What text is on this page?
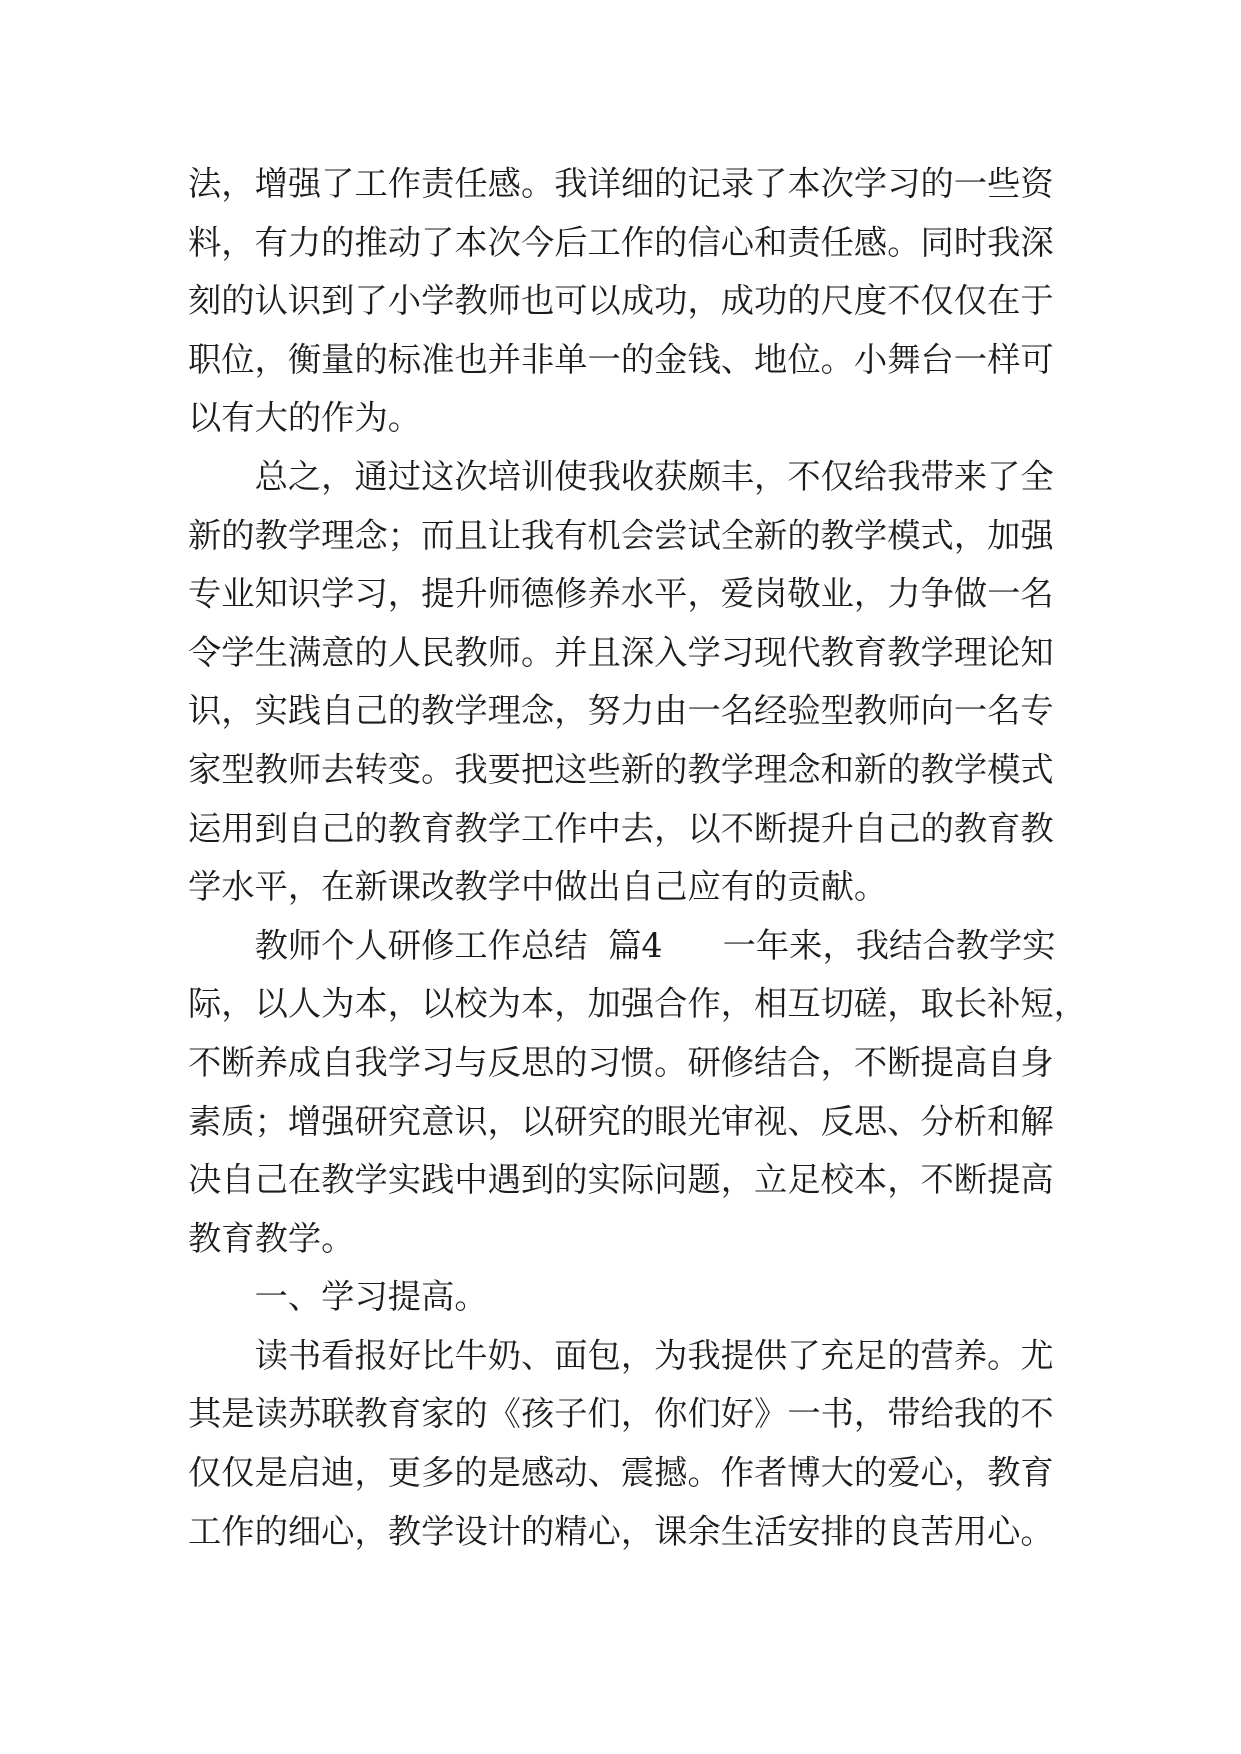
法，增强了工作责任感。我详细的记录了本次学习的一些资
料，有力的推动了本次今后工作的信心和责任感。同时我深
刻的认识到了小学教师也可以成功，成功的尺度不仅仅在于
职位，衡量的标准也并非单一的金钱、地位。小舞台一样可
以有大的作为。
总之，通过这次培训使我收获颇丰，不仅给我带来了全
新的教学理念；而且让我有机会尝试全新的教学模式，加强
专业知识学习，提升师德修养水平，爱岗敬业，力争做一名
令学生满意的人民教师。并且深入学习现代教育教学理论知
识，实践自己的教学理念，努力由一名经验型教师向一名专
家型教师去转变。我要把这些新的教学理念和新的教学模式
运用到自己的教育教学工作中去，以不断提升自己的教育教
学水平，在新课改教学中做出自己应有的贡献。
教师个人研修工作总结 篇4 一年来，我结合教学实
际，以人为本，以校为本，加强合作，相互切磋，取长补短，
不断养成自我学习与反思的习惯。研修结合，不断提高自身
素质；增强研究意识，以研究的眼光审视、反思、分析和解
决自己在教学实践中遇到的实际问题，立足校本，不断提高
教育教学。
一、学习提高。
读书看报好比牛奶、面包，为我提供了充足的营养。尤
其是读苏联教育家的《孩子们，你们好》一书，带给我的不
仅仅是启迪，更多的是感动、震撼。作者博大的爱心，教育
工作的细心，教学设计的精心，课余生活安排的良苦用心。
